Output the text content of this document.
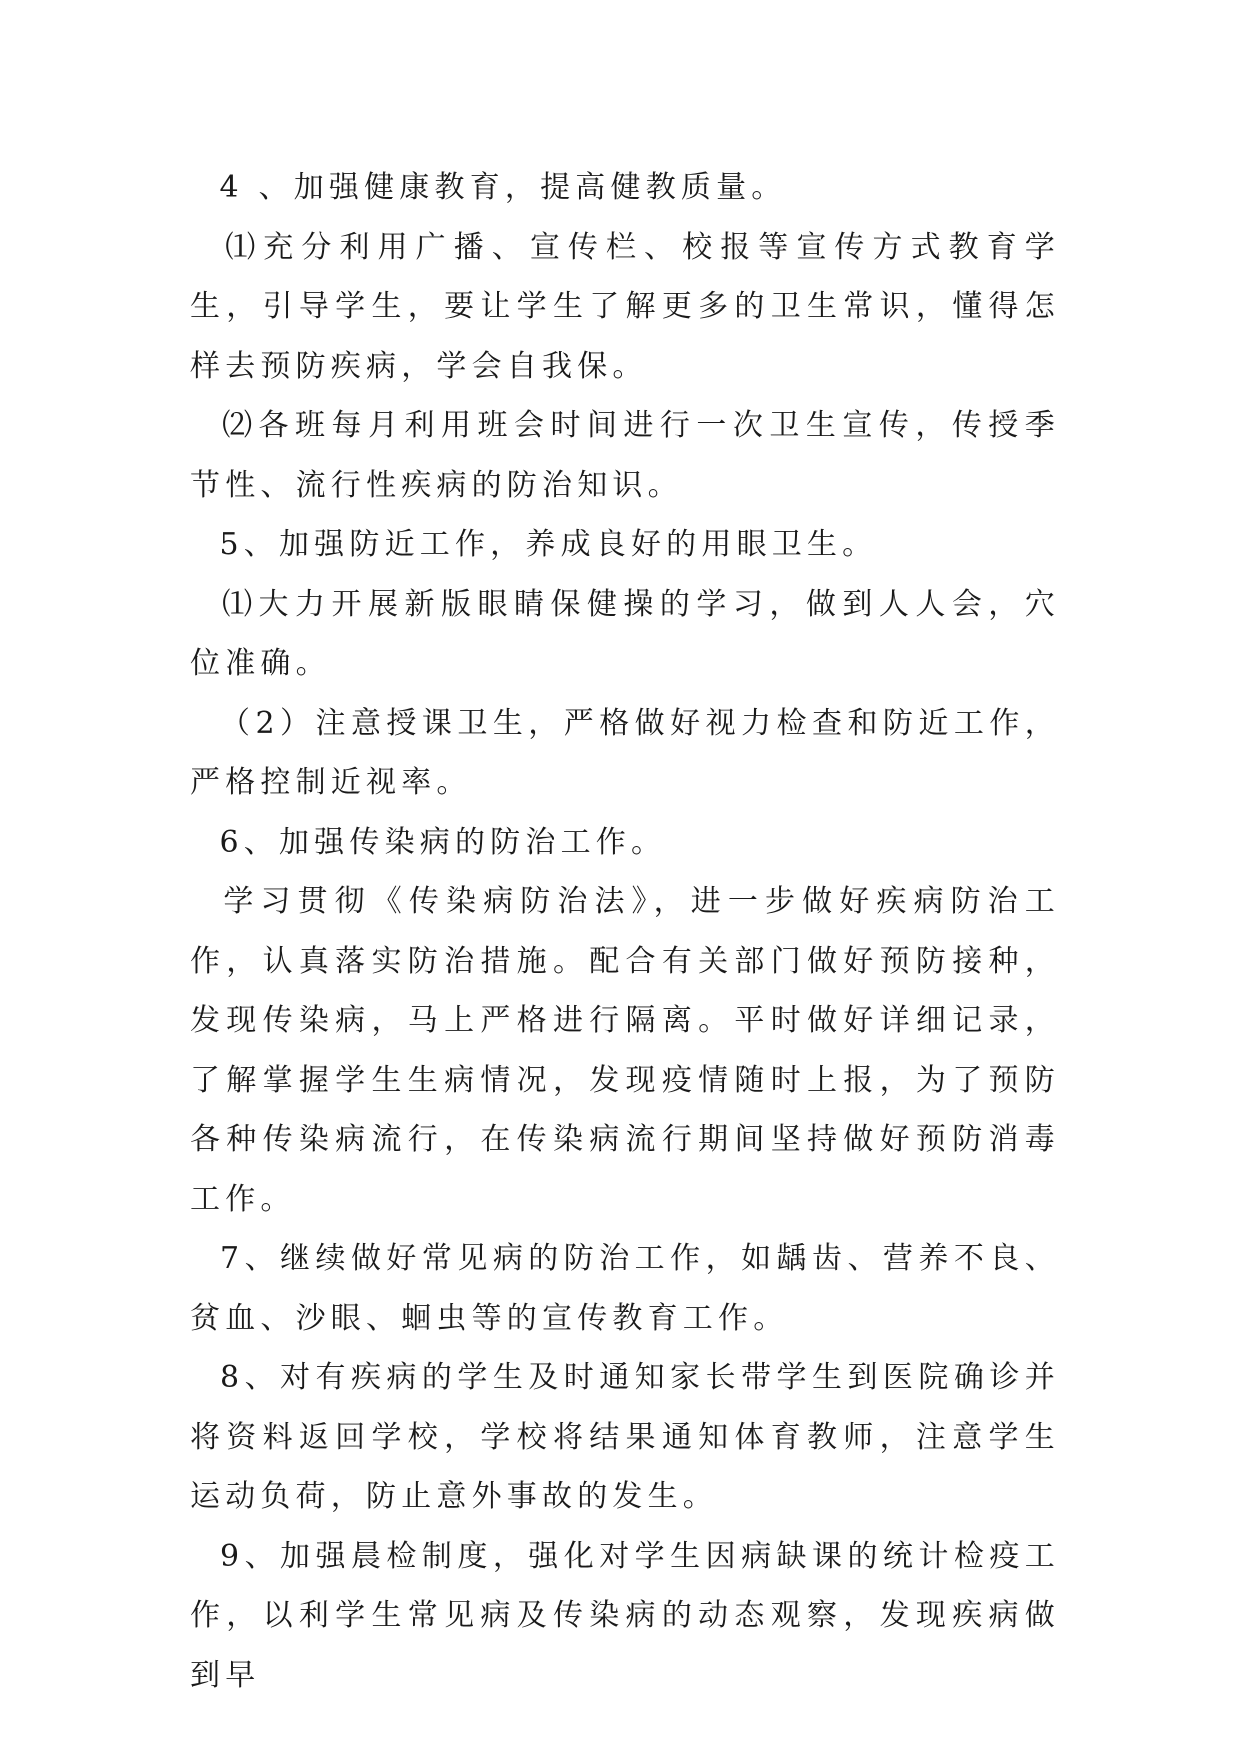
4 、加强健康教育，提高健教质量。

⑴充分利用广播、宣传栏、校报等宣传方式教育学生，引导学生，要让学生了解更多的卫生常识，懂得怎样去预防疾病，学会自我保。

⑵各班每月利用班会时间进行一次卫生宣传，传授季节性、流行性疾病的防治知识。

5、加强防近工作，养成良好的用眼卫生。

⑴大力开展新版眼睛保健操的学习，做到人人会，穴位准确。

（2）注意授课卫生，严格做好视力检查和防近工作，严格控制近视率。

6、加强传染病的防治工作。

学习贯彻《传染病防治法》，进一步做好疾病防治工作，认真落实防治措施。配合有关部门做好预防接种，发现传染病，马上严格进行隔离。平时做好详细记录，了解掌握学生生病情况，发现疫情随时上报，为了预防各种传染病流行，在传染病流行期间坚持做好预防消毒工作。

7、继续做好常见病的防治工作，如龋齿、营养不良、贫血、沙眼、蛔虫等的宣传教育工作。

8、对有疾病的学生及时通知家长带学生到医院确诊并将资料返回学校，学校将结果通知体育教师，注意学生运动负荷，防止意外事故的发生。

9、加强晨检制度，强化对学生因病缺课的统计检疫工作，以利学生常见病及传染病的动态观察，发现疾病做到早
